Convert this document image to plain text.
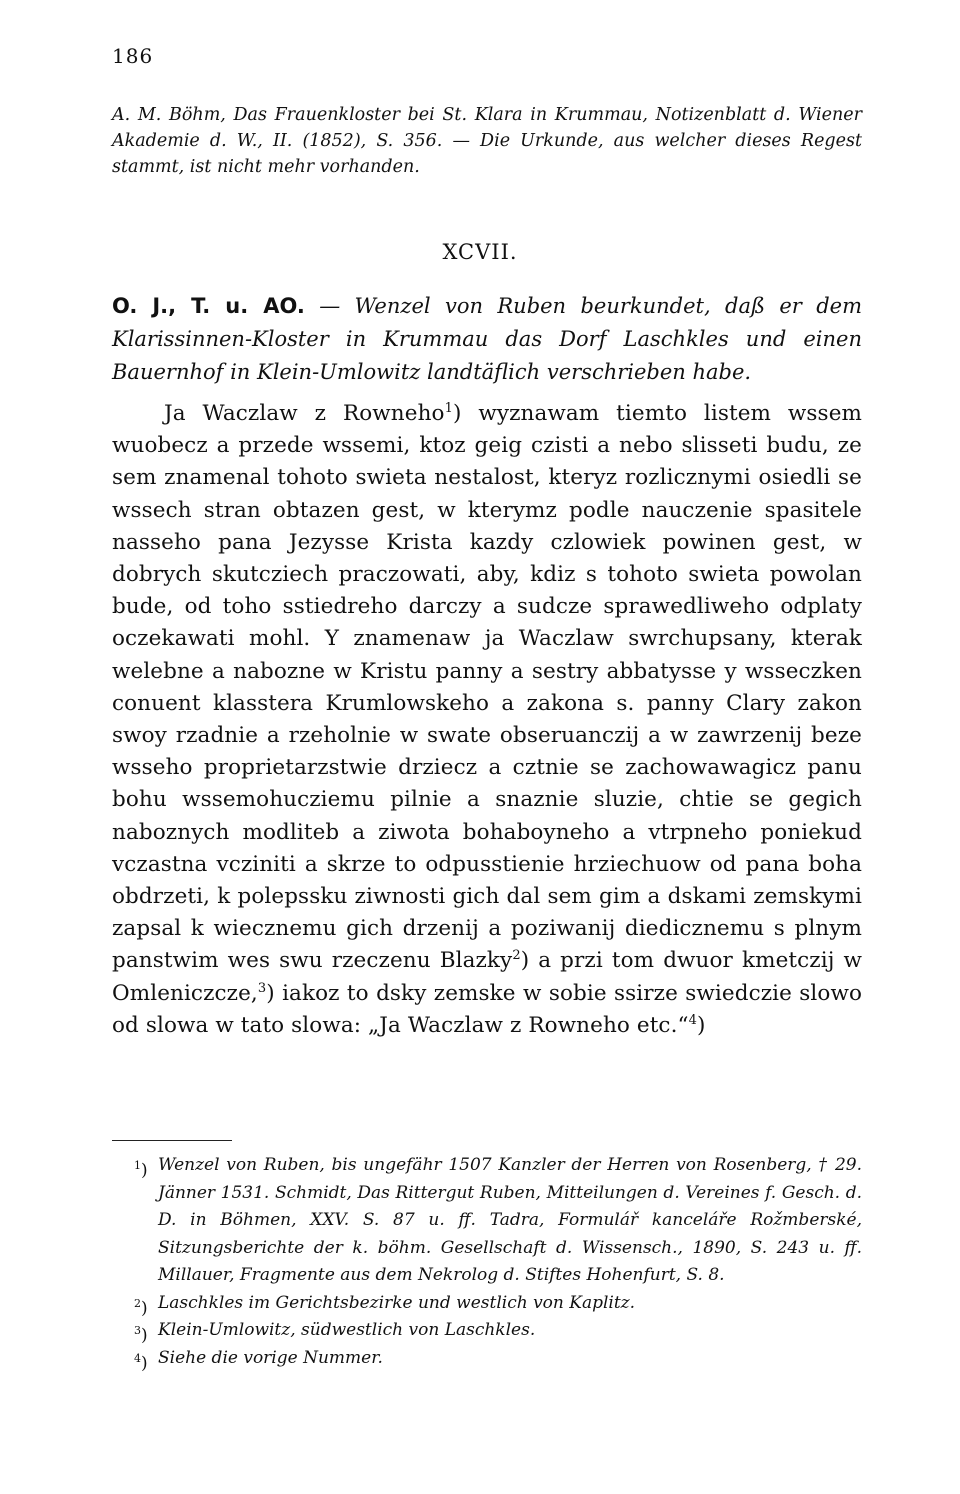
186
A. M. Böhm, Das Frauenkloster bei St. Klara in Krummau, Notizenblatt d. Wiener Akademie d. W., II. (1852), S. 356. — Die Urkunde, aus welcher dieses Regest stammt, ist nicht mehr vorhanden.
XCVII.
O. J., T. u. AO. — Wenzel von Ruben beurkundet, daß er dem Klarissinnen-Kloster in Krummau das Dorf Laschkles und einen Bauernhof in Klein-Umlowitz landtäflich verschrieben habe.
Ja Waczlaw z Rowneho$^1$) wyznawam tiemto listem wssem wuobecz a przede wssemi, ktoz geig czisti a nebo slisseti budu, ze sem znamenal tohoto swieta nestalost, kteryz rozlicznymi osiedli se wssech stran obtazen gest, w kterymz podle nauczenie spasitele nasseho pana Jezysse Krista kazdy czlowiek powinen gest, w dobrych skutcziech praczowati, aby, kdiz s tohoto swieta powolan bude, od toho sstiedreho darczy a sudcze sprawedliweho odplaty oczekawati mohl. Y znamenaw ja Waczlaw swrchupsany, kterak welebne a nabozne w Kristu panny a sestry abbatysse y wsseczken conuent klasstera Krumlowskeho a zakona s. panny Clary zakon swoy rzadnie a rzeholnie w swate obseruanczij a w zawrzenij beze wsseho proprietarzstwie drziecz a cztnie se zachowawagicz panu bohu wssemohucziemu pilnie a snaznie sluzie, chtie se gegich naboznych modliteb a ziwota bohaboyneho a vtrpneho poniekud vczastna vcziniti a skrze to odpusstienie hrziechuow od pana boha obdrzeti, k polepssku ziwnosti gich dal sem gim a dskami zemskymi zapsal k wiecznemu gich drzenij a poziwanij diedicznemu s plnym panstwim wes swu rzeczenu Blazky$^2$) a przi tom dwuor kmetczij w Omleniczcze,$^3$) iakoz to dsky zemske w sobie ssirze swiedczie slowo od slowa w tato slowa: „Ja Waczlaw z Rowneho etc.“$^4$)
$^1$) Wenzel von Ruben, bis ungefähr 1507 Kanzler der Herren von Rosenberg, † 29. Jänner 1531. Schmidt, Das Rittergut Ruben, Mitteilungen d. Vereines f. Gesch. d. D. in Böhmen, XXV. S. 87 u. ff. Tadra, Formulář kanceláře Rožmberské, Sitzungsberichte der k. böhm. Gesellschaft d. Wissensch., 1890, S. 243 u. ff. Millauer, Fragmente aus dem Nekrolog d. Stiftes Hohenfurt, S. 8.
$^2$) Laschkles im Gerichtsbezirke und westlich von Kaplitz.
$^3$) Klein-Umlowitz, südwestlich von Laschkles.
$^4$) Siehe die vorige Nummer.
